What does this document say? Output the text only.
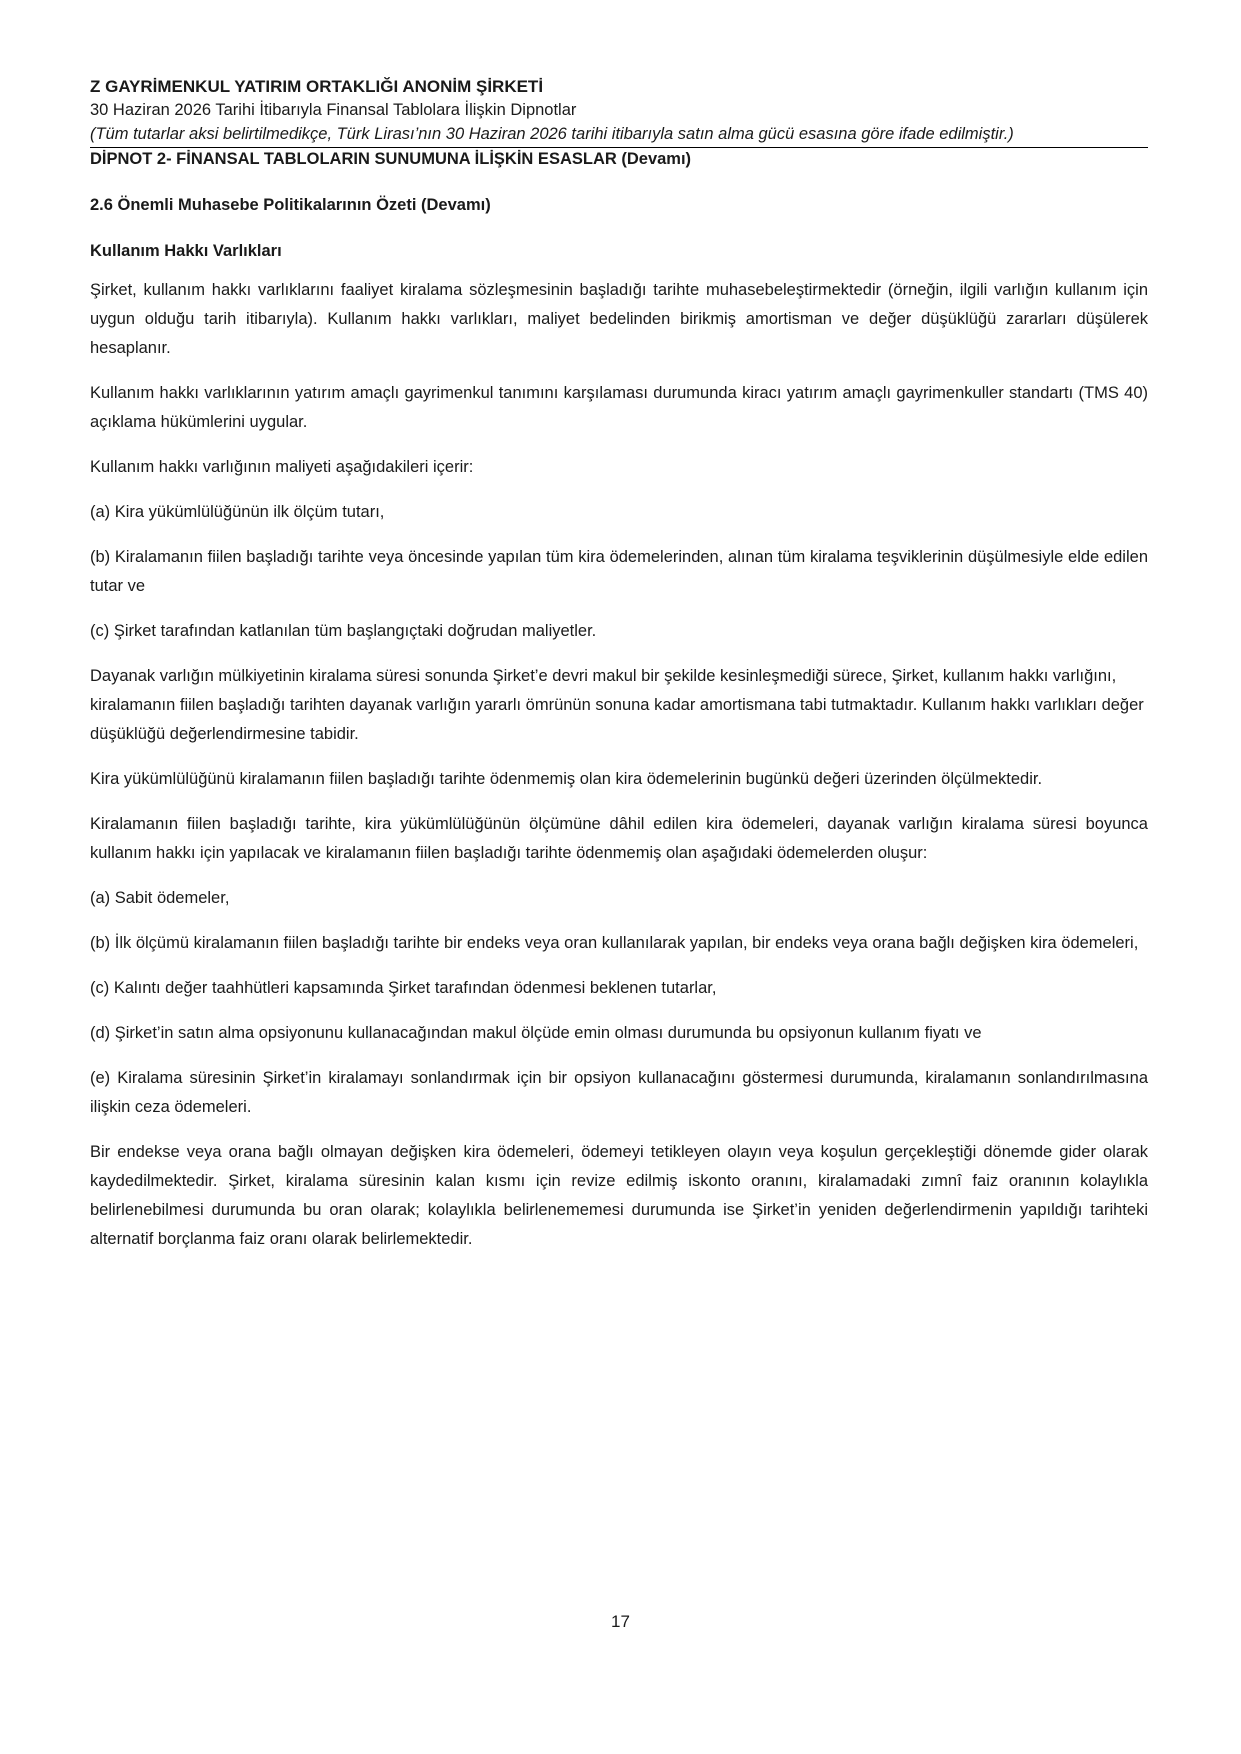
Z GAYRİMENKUL YATIRIM ORTAKLIĞI ANONİM ŞİRKETİ

30 Haziran 2026 Tarihi İtibarıyla Finansal Tablolara İlişkin Dipnotlar

(Tüm tutarlar aksi belirtilmedikçe, Türk Lirası’nın 30 Haziran 2026 tarihi itibarıyla satın alma gücü esasına göre ifade edilmiştir.)

DİPNOT 2- FİNANSAL TABLOLARIN SUNUMUNA İLİŞKİN ESASLAR (Devamı)

2.6 Önemli Muhasebe Politikalarının Özeti (Devamı)

Kullanım Hakkı Varlıkları

Şirket, kullanım hakkı varlıklarını faaliyet kiralama sözleşmesinin başladığı tarihte muhasebeleştirmektedir (örneğin, ilgili varlığın kullanım için uygun olduğu tarih itibarıyla). Kullanım hakkı varlıkları, maliyet bedelinden birikmiş amortisman ve değer düşüklüğü zararları düşülerek hesaplanır.

Kullanım hakkı varlıklarının yatırım amaçlı gayrimenkul tanımını karşılaması durumunda kiracı yatırım amaçlı gayrimenkuller standartı (TMS 40) açıklama hükümlerini uygular.

Kullanım hakkı varlığının maliyeti aşağıdakileri içerir:

(a) Kira yükümlülüğünün ilk ölçüm tutarı,

(b) Kiralamanın fiilen başladığı tarihte veya öncesinde yapılan tüm kira ödemelerinden, alınan tüm kiralama teşviklerinin düşülmesiyle elde edilen tutar ve

(c) Şirket tarafından katlanılan tüm başlangıçtaki doğrudan maliyetler.

Dayanak varlığın mülkiyetinin kiralama süresi sonunda Şirket’e devri makul bir şekilde kesinleşmediği sürece, Şirket, kullanım hakkı varlığını, kiralamanın fiilen başladığı tarihten dayanak varlığın yararlı ömrünün sonuna kadar amortismana tabi tutmaktadır. Kullanım hakkı varlıkları değer düşüklüğü değerlendirmesine tabidir.

Kira yükümlülüğünü kiralamanın fiilen başladığı tarihte ödenmemiş olan kira ödemelerinin bugünkü değeri üzerinden ölçülmektedir.

Kiralamanın fiilen başladığı tarihte, kira yükümlülüğünün ölçümüne dâhil edilen kira ödemeleri, dayanak varlığın kiralama süresi boyunca kullanım hakkı için yapılacak ve kiralamanın fiilen başladığı tarihte ödenmemiş olan aşağıdaki ödemelerden oluşur:

(a) Sabit ödemeler,

(b) İlk ölçümü kiralamanın fiilen başladığı tarihte bir endeks veya oran kullanılarak yapılan, bir endeks veya orana bağlı değişken kira ödemeleri,

(c) Kalıntı değer taahhütleri kapsamında Şirket tarafından ödenmesi beklenen tutarlar,

(d) Şirket’in satın alma opsiyonunu kullanacağından makul ölçüde emin olması durumunda bu opsiyonun kullanım fiyatı ve

(e) Kiralama süresinin Şirket’in kiralamayı sonlandırmak için bir opsiyon kullanacağını göstermesi durumunda, kiralamanın sonlandırılmasına ilişkin ceza ödemeleri.

Bir endekse veya orana bağlı olmayan değişken kira ödemeleri, ödemeyi tetikleyen olayın veya koşulun gerçekleştiği dönemde gider olarak kaydedilmektedir. Şirket, kiralama süresinin kalan kısmı için revize edilmiş iskonto oranını, kiralamadaki zımnî faiz oranının kolaylıkla belirlenebilmesi durumunda bu oran olarak; kolaylıkla belirlenememesi durumunda ise Şirket’in yeniden değerlendirmenin yapıldığı tarihteki alternatif borçlanma faiz oranı olarak belirlemektedir.

17
